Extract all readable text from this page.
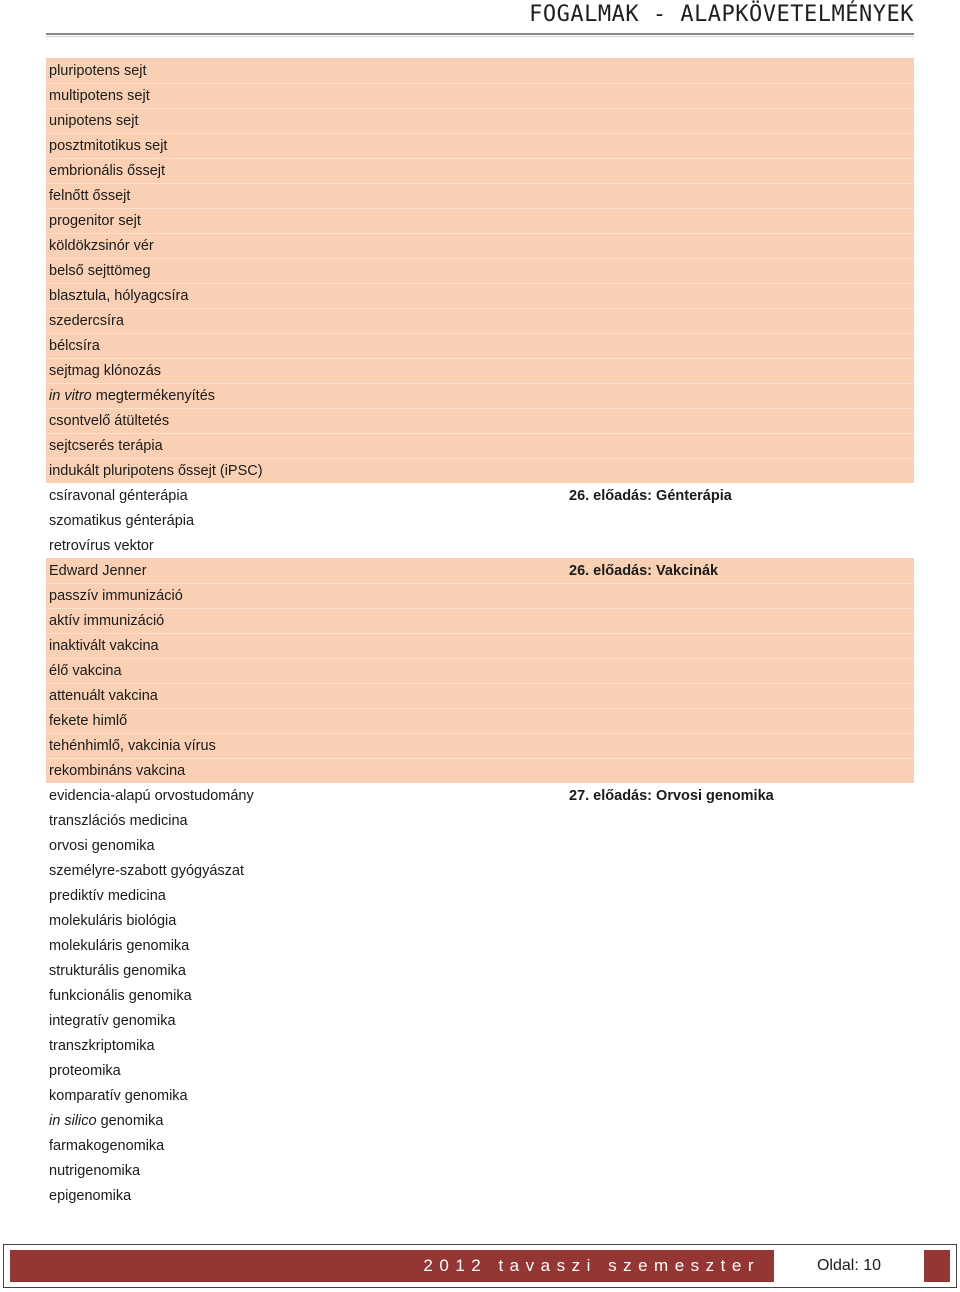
FOGALMAK - ALAPKÖVETELMÉNYEK
pluripotens sejt
multipotens sejt
unipotens sejt
posztmitotikus sejt
embrionális őssejt
felnőtt őssejt
progenitor sejt
köldökzsinór vér
belső sejttömeg
blasztula, hólyagcsíra
szedercsíra
bélcsíra
sejtmag klónozás
in vitro megtermékenyítés
csontvelő átültetés
sejtcserés terápia
indukált pluripotens őssejt (iPSC)
csíravonal génterápia	26. előadás: Génterápia
szomatikus génterápia
retrovírus vektor
Edward Jenner	26. előadás: Vakcinák
passzív immunizáció
aktív immunizáció
inaktivált vakcina
élő vakcina
attenuált vakcina
fekete himlő
tehénhimlő, vakcinia vírus
rekombináns vakcina
evidencia-alapú orvostudomány	27. előadás: Orvosi genomika
transzlációs medicina
orvosi genomika
személyre-szabott gyógyászat
prediktív medicina
molekuláris biológia
molekuláris genomika
strukturális genomika
funkcionális genomika
integratív genomika
transzkriptomika
proteomika
komparatív genomika
in silico genomika
farmakogenomika
nutrigenomika
epigenomika
2012 tavaszi szemeszter	Oldal: 10
